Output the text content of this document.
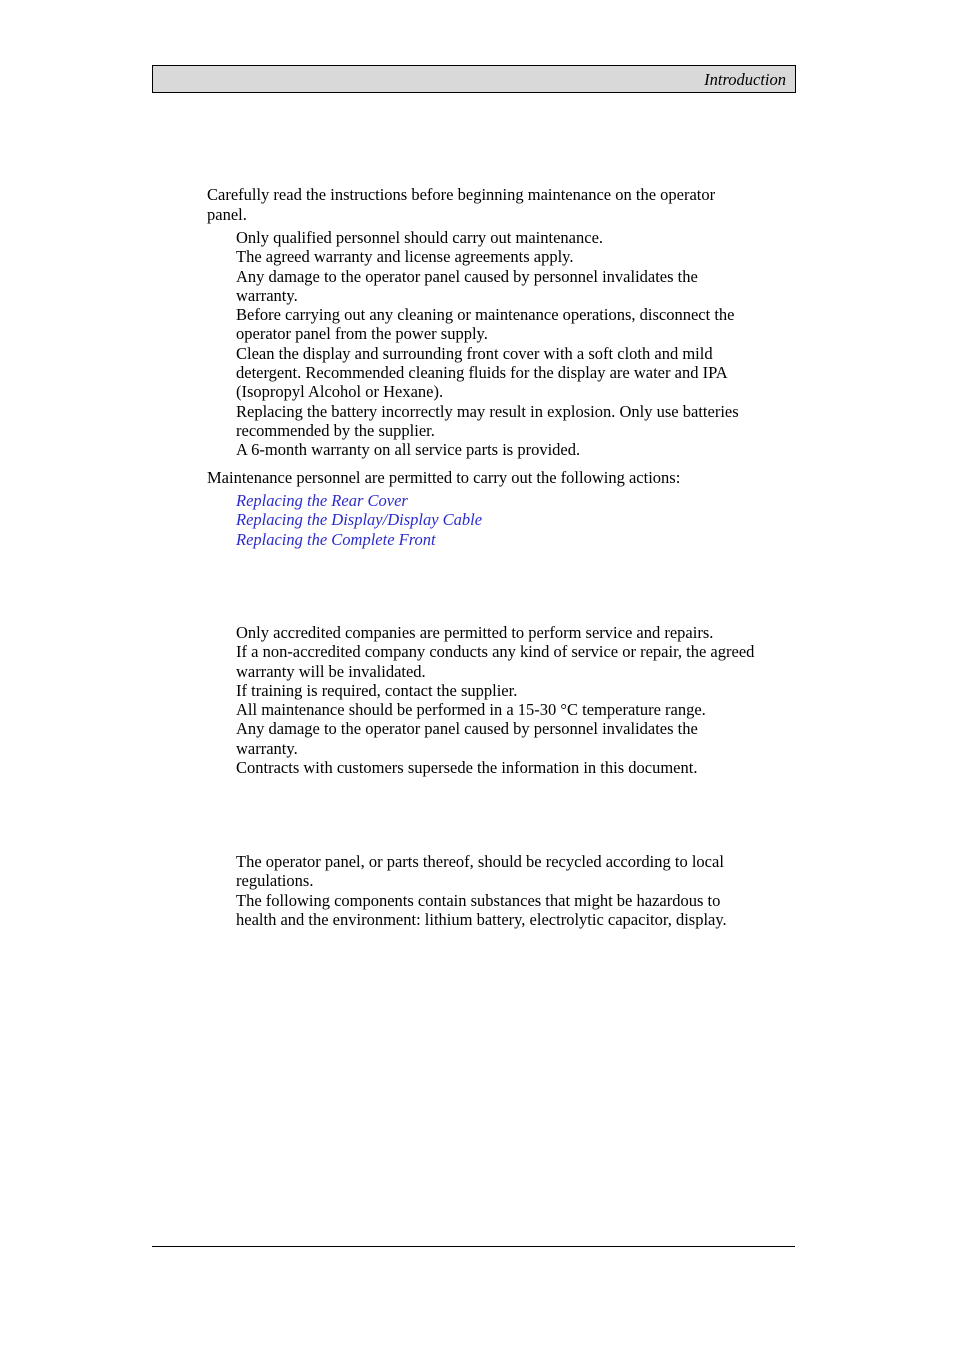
Introduction

Carefully read the instructions before beginning maintenance on the operator panel.

Only qualified personnel should carry out maintenance.
The agreed warranty and license agreements apply.
Any damage to the operator panel caused by personnel invalidates the warranty.
Before carrying out any cleaning or maintenance operations, disconnect the operator panel from the power supply.
Clean the display and surrounding front cover with a soft cloth and mild detergent. Recommended cleaning fluids for the display are water and IPA (Isopropyl Alcohol or Hexane).
Replacing the battery incorrectly may result in explosion. Only use batteries recommended by the supplier.
A 6-month warranty on all service parts is provided.

Maintenance personnel are permitted to carry out the following actions:

Replacing the Rear Cover
Replacing the Display/Display Cable
Replacing the Complete Front
Only accredited companies are permitted to perform service and repairs.
If a non-accredited company conducts any kind of service or repair, the agreed warranty will be invalidated.
If training is required, contact the supplier.
All maintenance should be performed in a 15-30 °C temperature range.
Any damage to the operator panel caused by personnel invalidates the warranty.
Contracts with customers supersede the information in this document.
The operator panel, or parts thereof, should be recycled according to local regulations.
The following components contain substances that might be hazardous to health and the environment: lithium battery, electrolytic capacitor, display.
